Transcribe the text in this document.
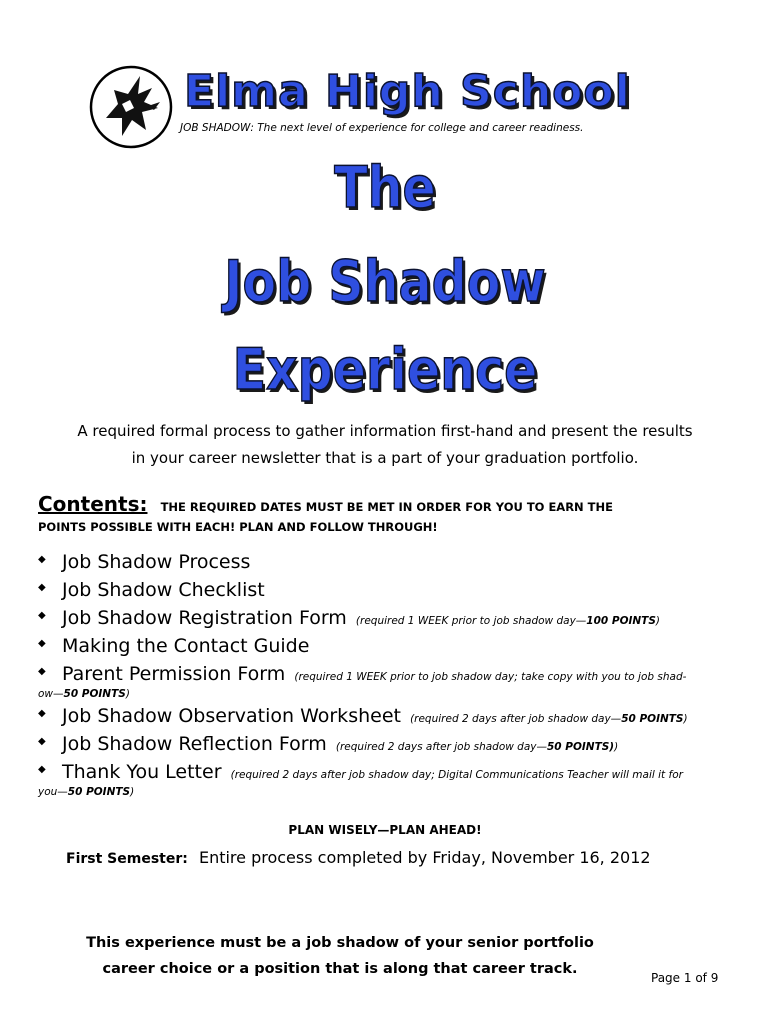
Elma High School
JOB SHADOW: The next level of experience for college and career readiness.
The
Job Shadow
Experience
A required formal process to gather information first-hand and present the results
in your career newsletter that is a part of your graduation portfolio.
Contents: THE REQUIRED DATES MUST BE MET IN ORDER FOR YOU TO EARN THE
POINTS POSSIBLE WITH EACH! PLAN AND FOLLOW THROUGH!
◆ Job Shadow Process
◆ Job Shadow Checklist
◆ Job Shadow Registration Form (required 1 WEEK prior to job shadow day—100 POINTS)
◆ Making the Contact Guide
◆ Parent Permission Form (required 1 WEEK prior to job shadow day; take copy with you to job shad-
ow—50 POINTS)
◆ Job Shadow Observation Worksheet (required 2 days after job shadow day—50 POINTS)
◆ Job Shadow Reflection Form (required 2 days after job shadow day—50 POINTS))
◆ Thank You Letter (required 2 days after job shadow day; Digital Communications Teacher will mail it for
you—50 POINTS)

PLAN WISELY—PLAN AHEAD!

First Semester: Entire process completed by Friday, November 16, 2012

This experience must be a job shadow of your senior portfolio
career choice or a position that is along that career track.

Page 1 of 9
